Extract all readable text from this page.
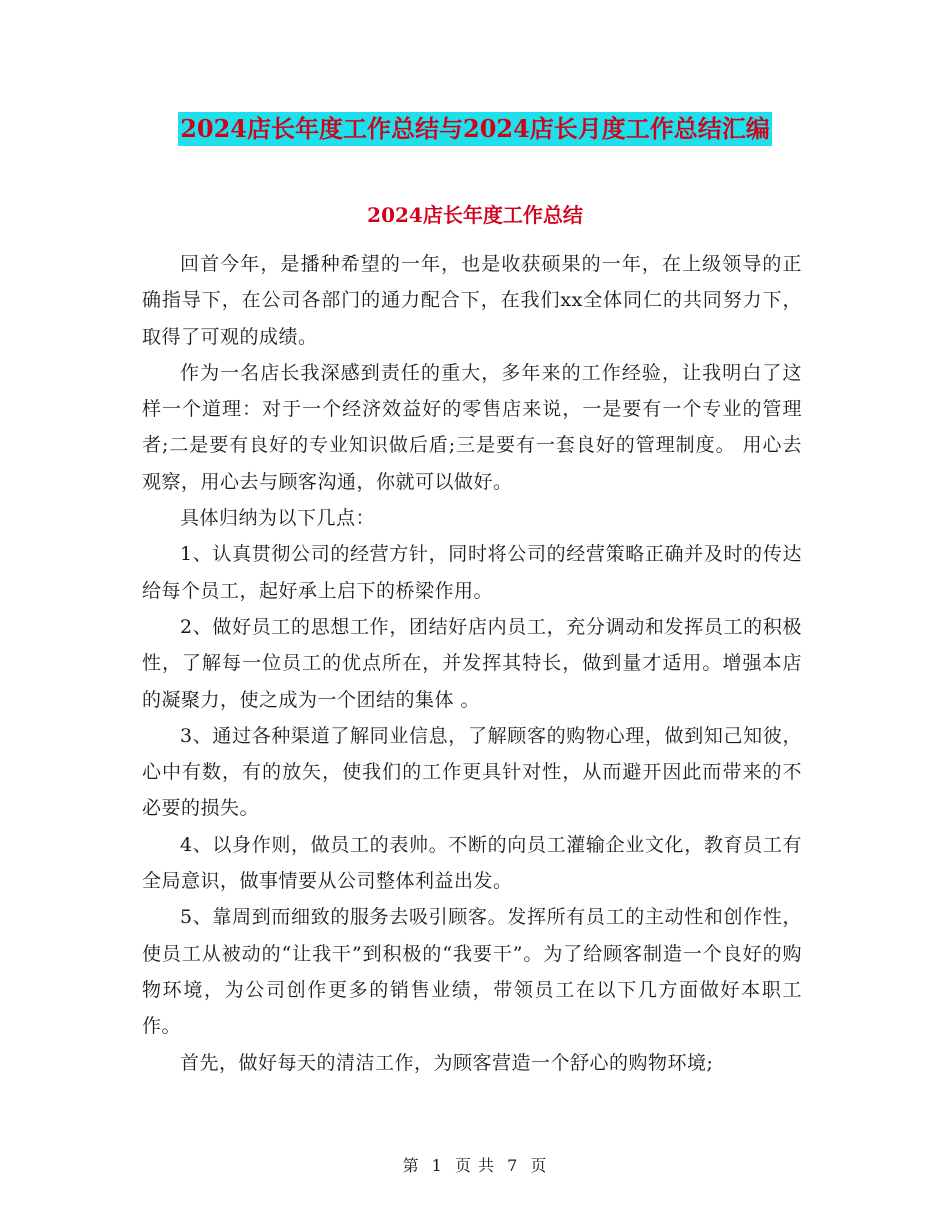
2024店长年度工作总结与2024店长月度工作总结汇编
2024店长年度工作总结

回首今年，是播种希望的一年，也是收获硕果的一年，在上级领导的正确指导下，在公司各部门的通力配合下，在我们xx全体同仁的共同努力下，取得了可观的成绩。

作为一名店长我深感到责任的重大，多年来的工作经验，让我明白了这样一个道理：对于一个经济效益好的零售店来说，一是要有一个专业的管理者;二是要有良好的专业知识做后盾;三是要有一套良好的管理制度。 用心去观察，用心去与顾客沟通，你就可以做好。

具体归纳为以下几点：

1、认真贯彻公司的经营方针，同时将公司的经营策略正确并及时的传达给每个员工，起好承上启下的桥梁作用。

2、做好员工的思想工作，团结好店内员工，充分调动和发挥员工的积极性，了解每一位员工的优点所在，并发挥其特长，做到量才适用。增强本店的凝聚力，使之成为一个团结的集体 。

3、通过各种渠道了解同业信息，了解顾客的购物心理，做到知己知彼，心中有数，有的放矢，使我们的工作更具针对性，从而避开因此而带来的不必要的损失。

4、以身作则，做员工的表帅。不断的向员工灌输企业文化，教育员工有全局意识，做事情要从公司整体利益出发。

5、靠周到而细致的服务去吸引顾客。发挥所有员工的主动性和创作性，使员工从被动的“让我干”到积极的“我要干”。为了给顾客制造一个良好的购物环境，为公司创作更多的销售业绩，带领员工在以下几方面做好本职工作。

首先，做好每天的清洁工作，为顾客营造一个舒心的购物环境;

第 1 页 共 7 页
